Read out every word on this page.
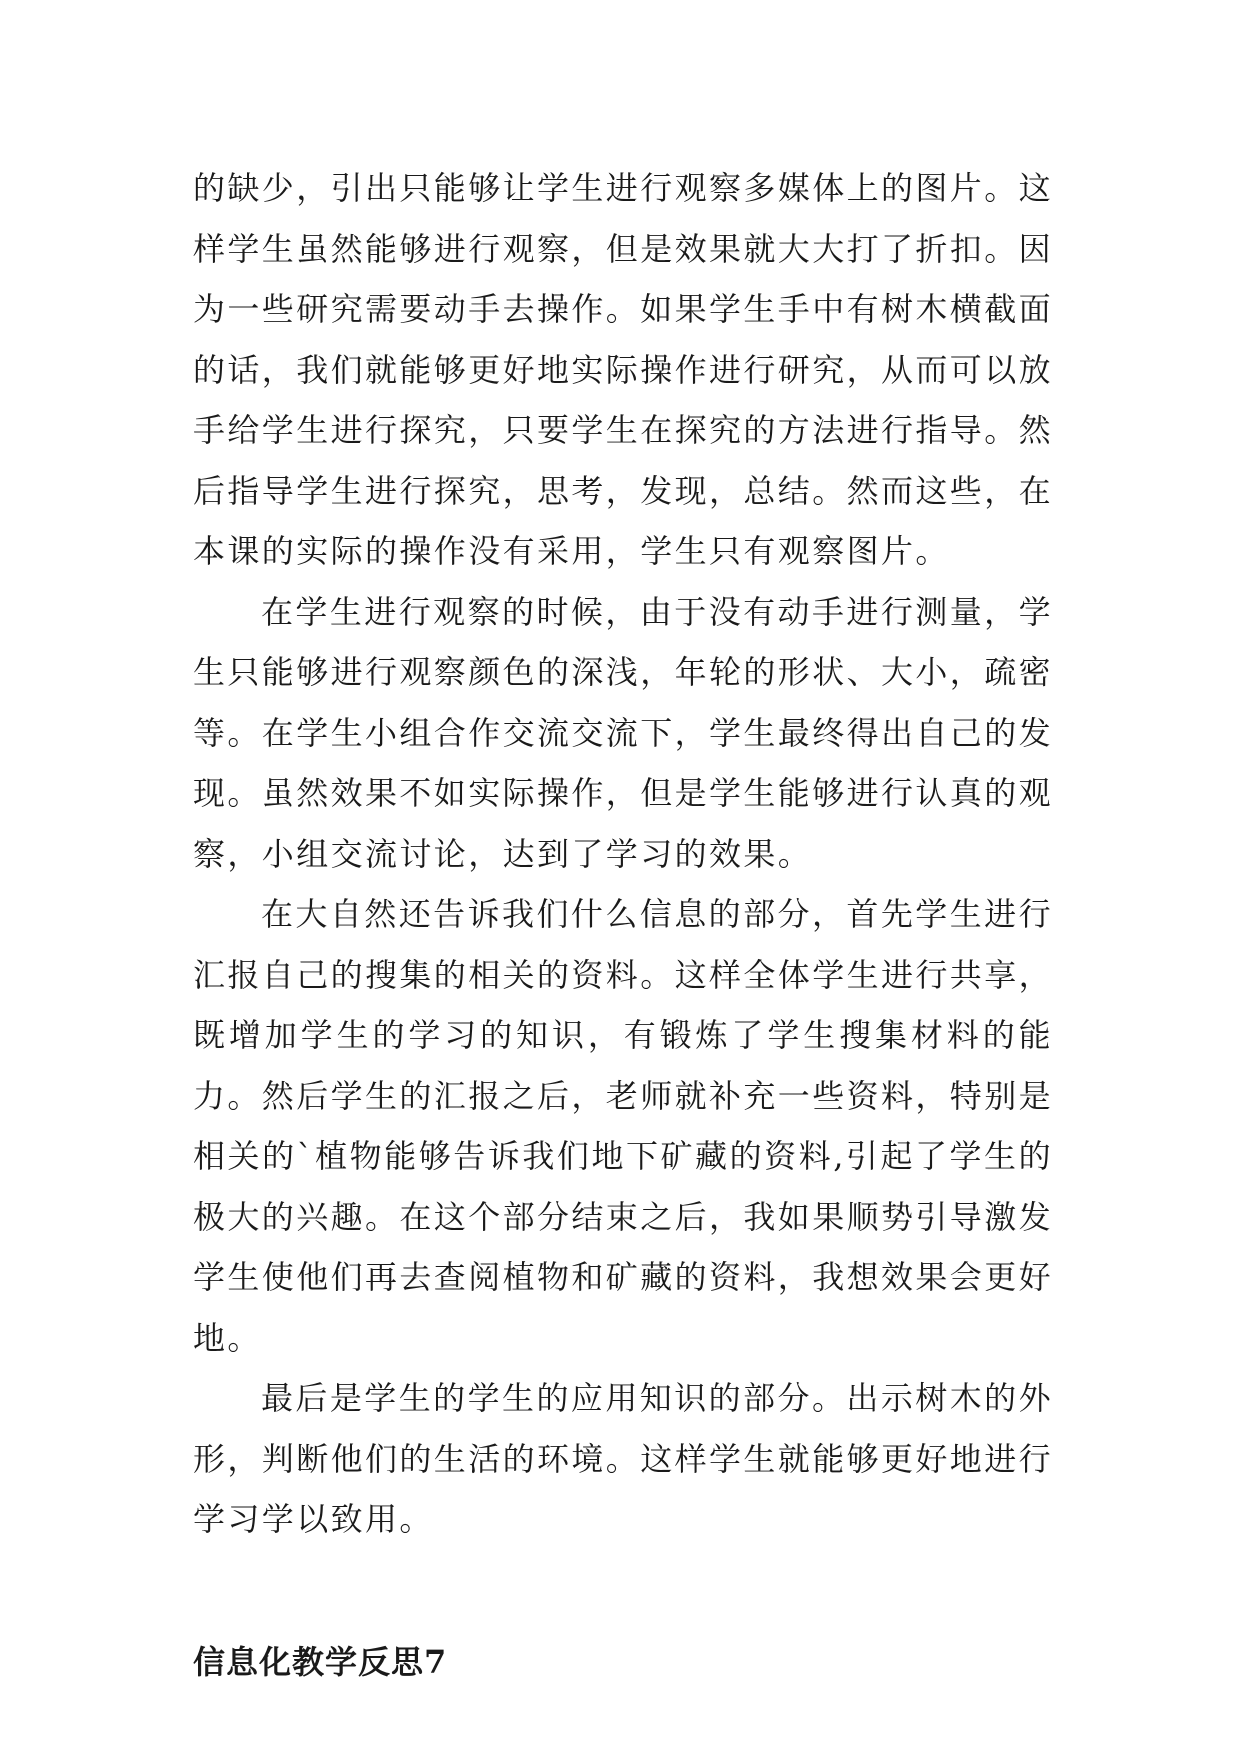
的缺少，引出只能够让学生进行观察多媒体上的图片。这样学生虽然能够进行观察，但是效果就大大打了折扣。因为一些研究需要动手去操作。如果学生手中有树木横截面的话，我们就能够更好地实际操作进行研究，从而可以放手给学生进行探究，只要学生在探究的方法进行指导。然后指导学生进行探究，思考，发现，总结。然而这些，在本课的实际的操作没有采用，学生只有观察图片。

在学生进行观察的时候，由于没有动手进行测量，学生只能够进行观察颜色的深浅，年轮的形状、大小，疏密等。在学生小组合作交流交流下，学生最终得出自己的发现。虽然效果不如实际操作，但是学生能够进行认真的观察，小组交流讨论，达到了学习的效果。

在大自然还告诉我们什么信息的部分，首先学生进行汇报自己的搜集的相关的资料。这样全体学生进行共享，既增加学生的学习的知识，有锻炼了学生搜集材料的能力。然后学生的汇报之后，老师就补充一些资料，特别是相关的`植物能够告诉我们地下矿藏的资料,引起了学生的极大的兴趣。在这个部分结束之后，我如果顺势引导激发学生使他们再去查阅植物和矿藏的资料，我想效果会更好地。

最后是学生的学生的应用知识的部分。出示树木的外形，判断他们的生活的环境。这样学生就能够更好地进行学习学以致用。

信息化教学反思7
